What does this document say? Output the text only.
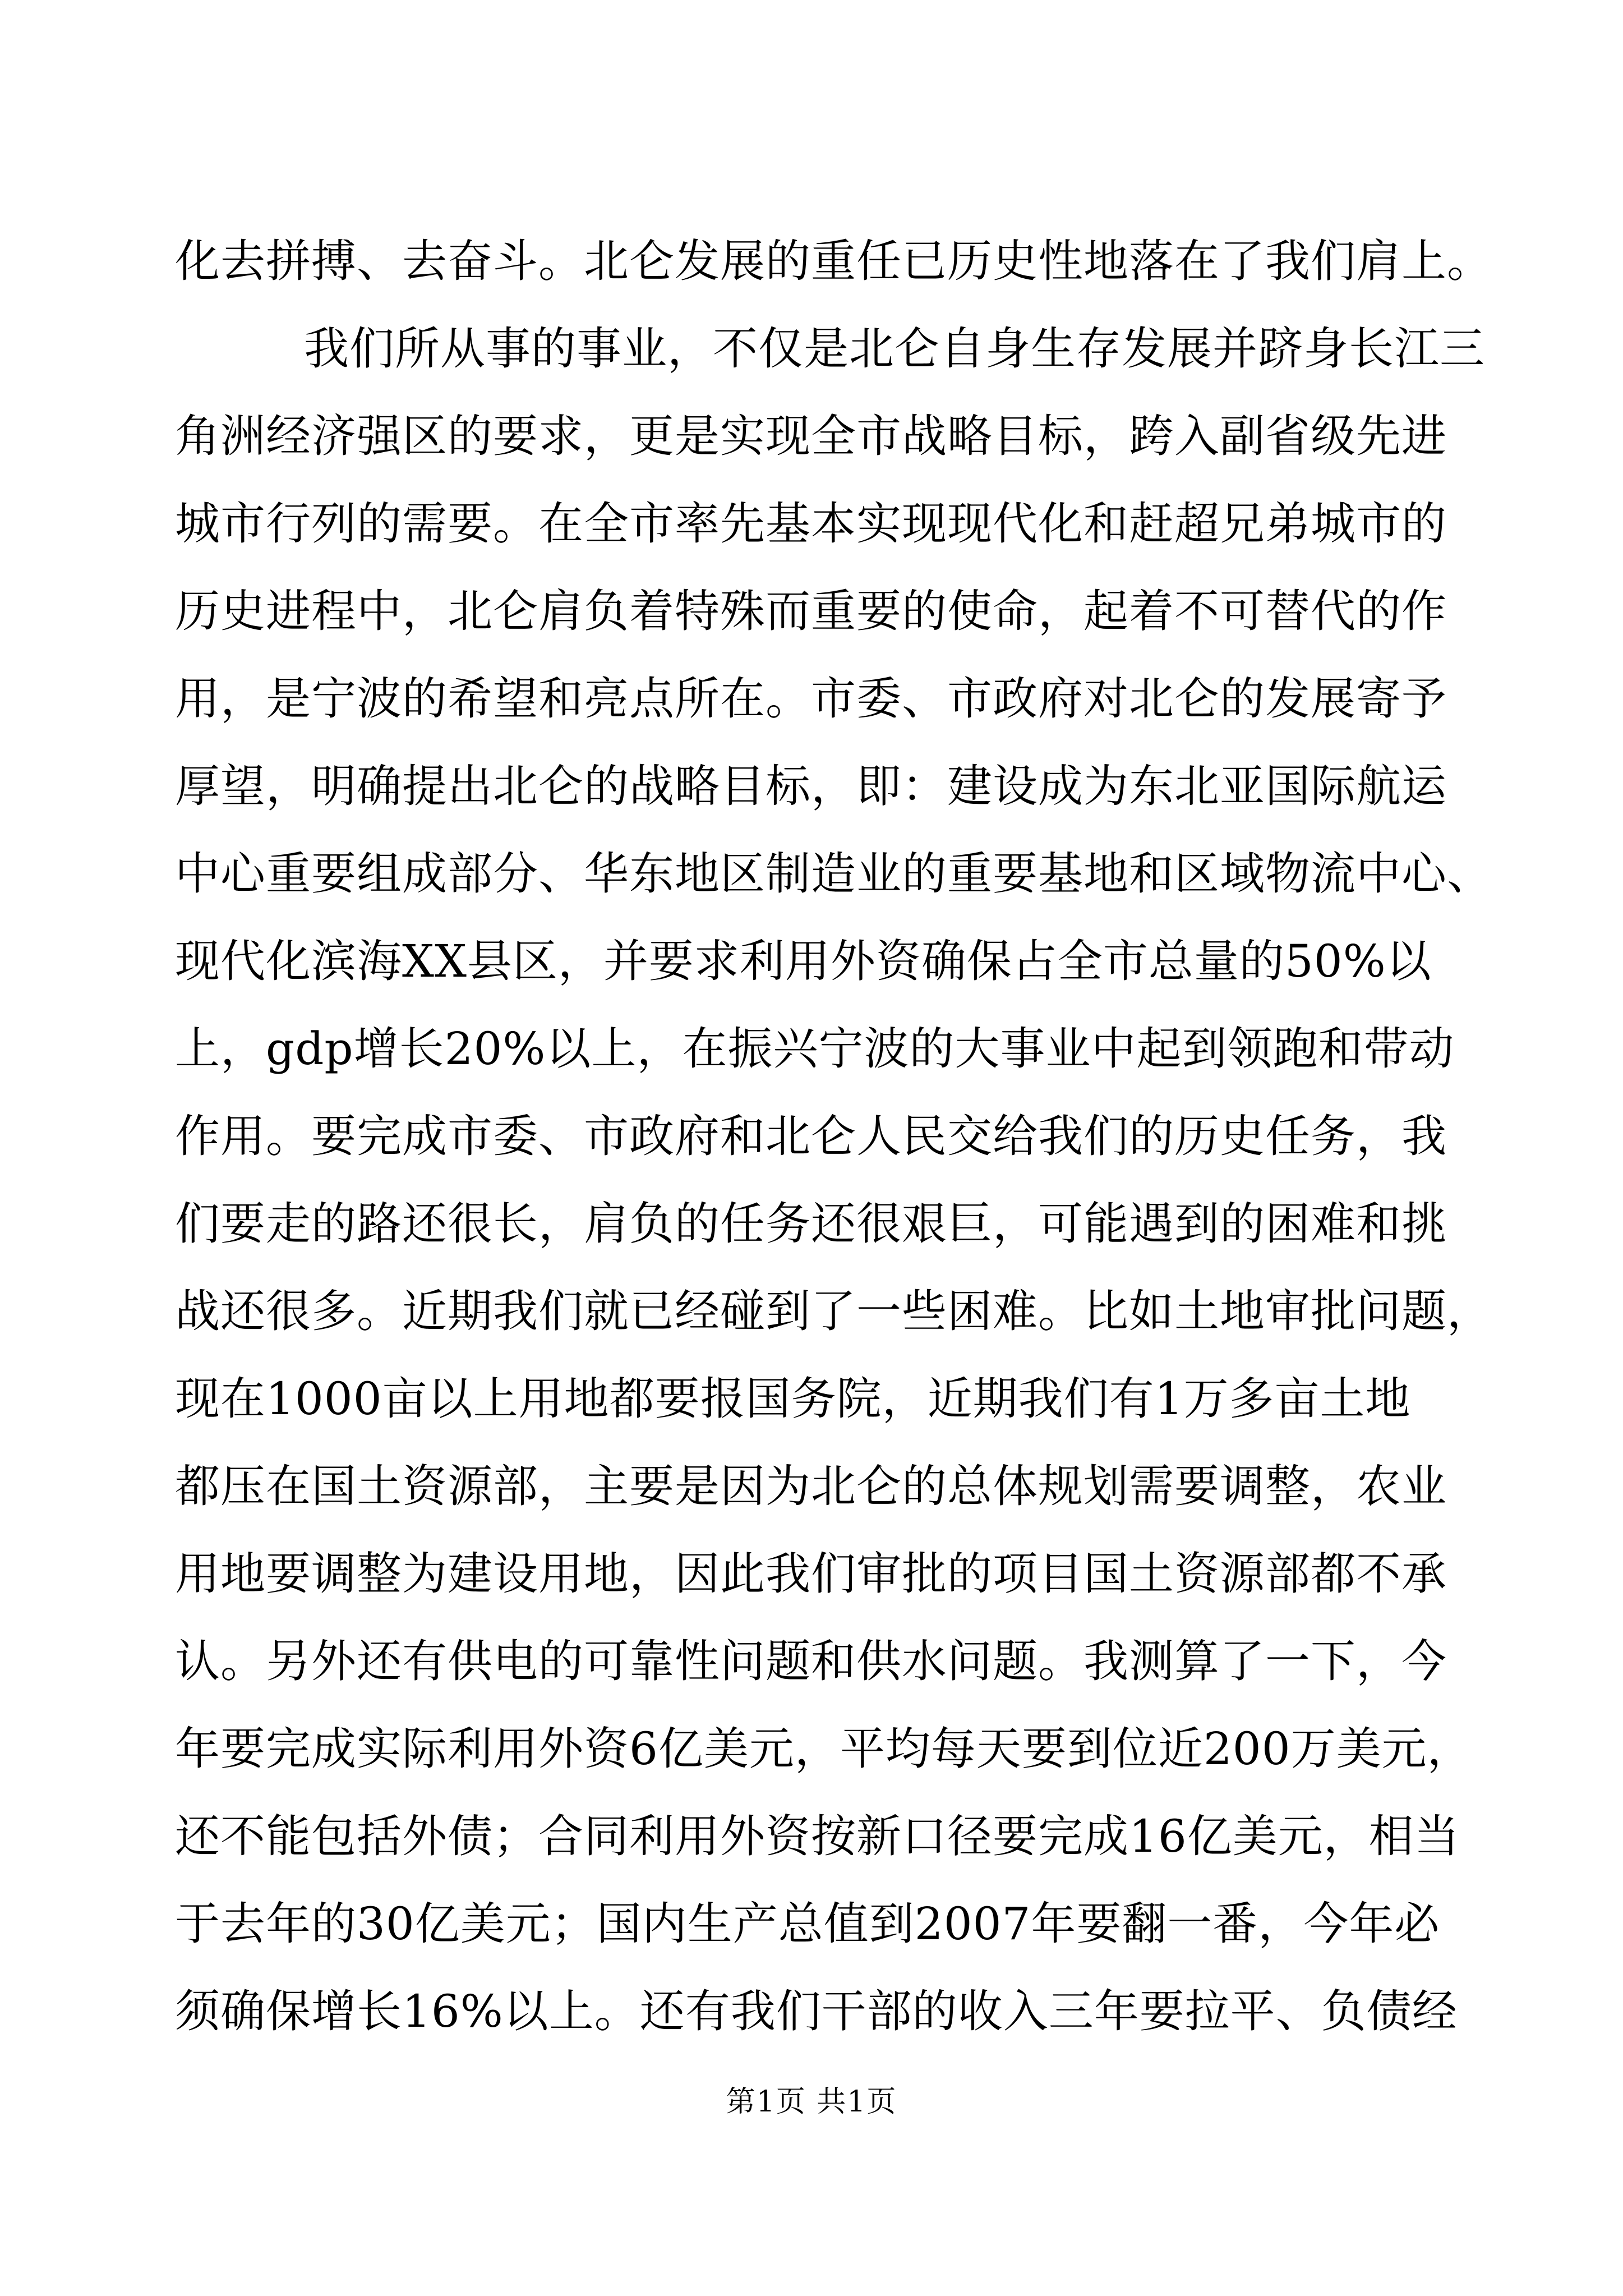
化去拼搏、去奋斗。北仑发展的重任已历史性地落在了我们肩上。
我们所从事的事业，不仅是北仑自身生存发展并跻身长江三
角洲经济强区的要求，更是实现全市战略目标，跨入副省级先进
城市行列的需要。在全市率先基本实现现代化和赶超兄弟城市的
历史进程中，北仑肩负着特殊而重要的使命，起着不可替代的作
用，是宁波的希望和亮点所在。市委、市政府对北仑的发展寄予
厚望，明确提出北仑的战略目标，即：建设成为东北亚国际航运
中心重要组成部分、华东地区制造业的重要基地和区域物流中心、
现代化滨海XX县区，并要求利用外资确保占全市总量的50%以
上，gdp增长20%以上，在振兴宁波的大事业中起到领跑和带动
作用。要完成市委、市政府和北仑人民交给我们的历史任务，我
们要走的路还很长，肩负的任务还很艰巨，可能遇到的困难和挑
战还很多。近期我们就已经碰到了一些困难。比如土地审批问题，
现在1000亩以上用地都要报国务院，近期我们有1万多亩土地
都压在国土资源部，主要是因为北仑的总体规划需要调整，农业
用地要调整为建设用地，因此我们审批的项目国土资源部都不承
认。另外还有供电的可靠性问题和供水问题。我测算了一下，今
年要完成实际利用外资6亿美元，平均每天要到位近200万美元，
还不能包括外债；合同利用外资按新口径要完成16亿美元，相当
于去年的30亿美元；国内生产总值到2007年要翻一番，今年必
须确保增长16%以上。还有我们干部的收入三年要拉平、负债经
第1页 共1页
